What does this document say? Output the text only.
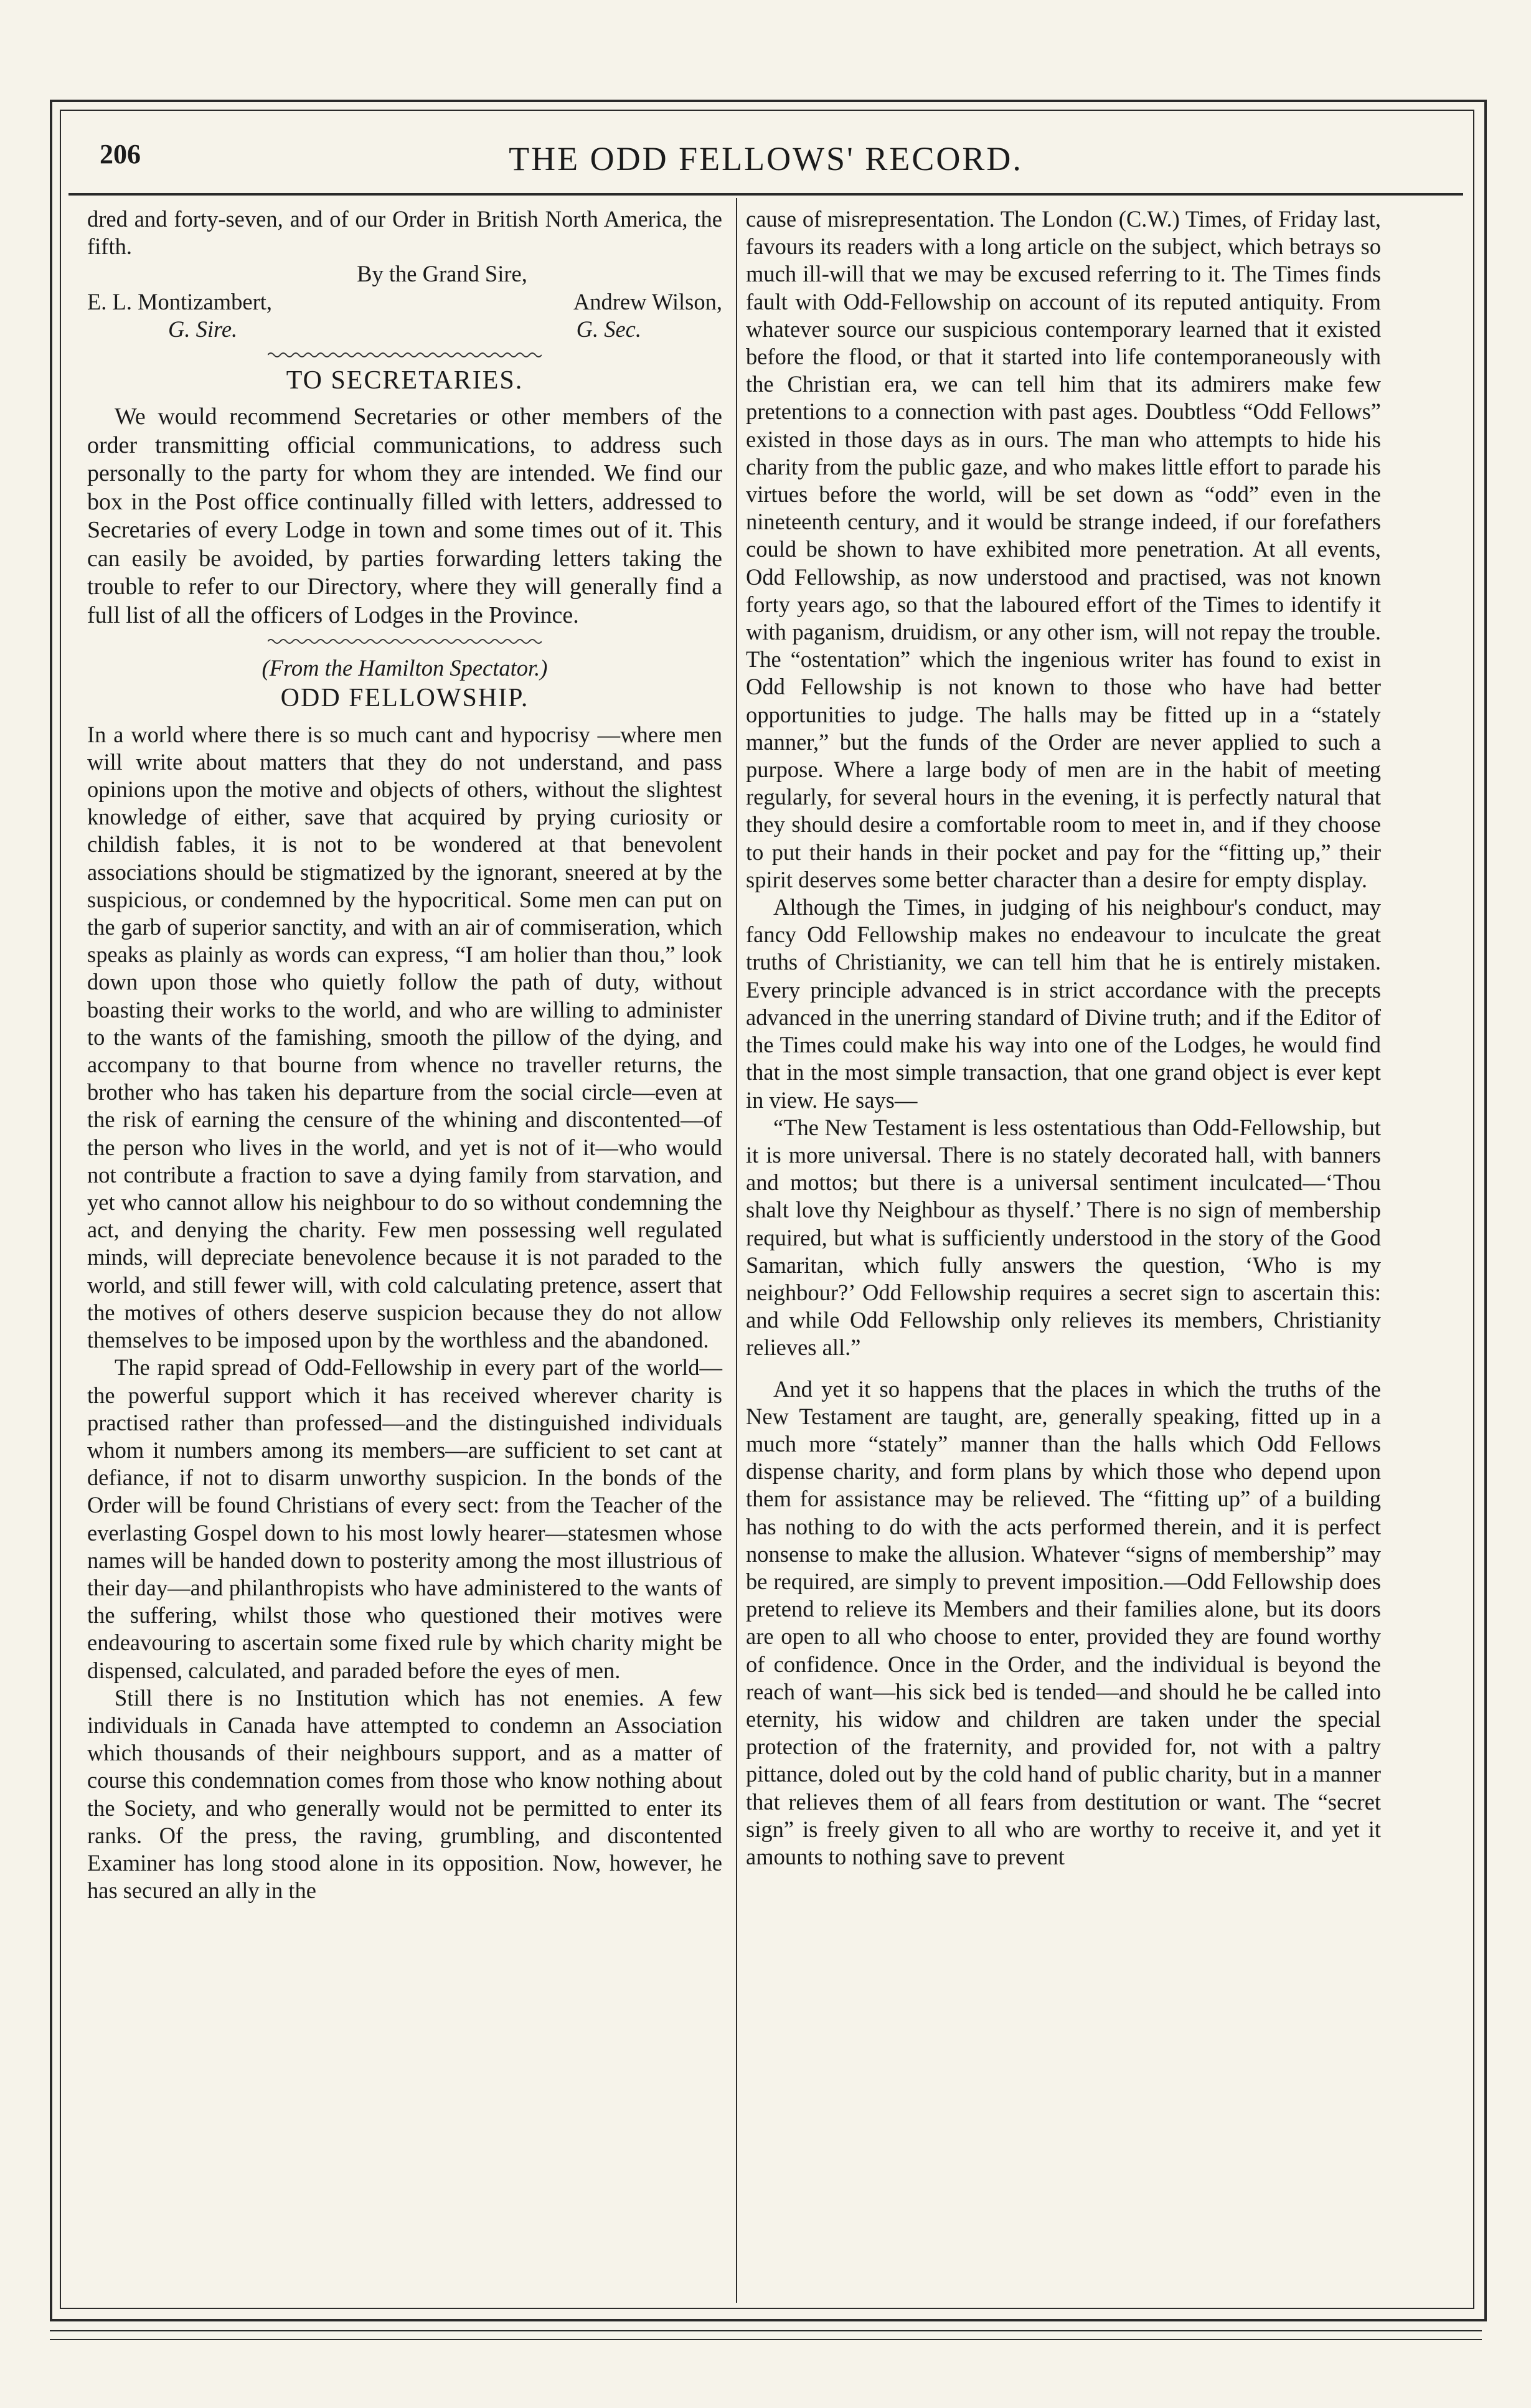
206	THE ODD FELLOWS' RECORD.

dred and forty-seven, and of our Order in British North America, the fifth.

By the Grand Sire,

E. L. Montizambert,	Andrew Wilson,
G. Sire.	G. Sec.
TO SECRETARIES.

We would recommend Secretaries or other members of the order transmitting official communications, to address such personally to the party for whom they are intended. We find our box in the Post office continually filled with letters, addressed to Secretaries of every Lodge in town and some times out of it. This can easily be avoided, by parties forwarding letters taking the trouble to refer to our Directory, where they will generally find a full list of all the officers of Lodges in the Province.

(From the Hamilton Spectator.)

ODD FELLOWSHIP.

In a world where there is so much cant and hypocrisy —where men will write about matters that they do not understand, and pass opinions upon the motive and objects of others, without the slightest knowledge of either, save that acquired by prying curiosity or childish fables, it is not to be wondered at that benevolent associations should be stigmatized by the ignorant, sneered at by the suspicious, or condemned by the hypocritical. Some men can put on the garb of superior sanctity, and with an air of commiseration, which speaks as plainly as words can express, “I am holier than thou,” look down upon those who quietly follow the path of duty, without boasting their works to the world, and who are willing to administer to the wants of the famishing, smooth the pillow of the dying, and accompany to that bourne from whence no traveller returns, the brother who has taken his departure from the social circle—even at the risk of earning the censure of the whining and discontented—of the person who lives in the world, and yet is not of it—who would not contribute a fraction to save a dying family from starvation, and yet who cannot allow his neighbour to do so without condemning the act, and denying the charity. Few men possessing well regulated minds, will depreciate benevolence because it is not paraded to the world, and still fewer will, with cold calculating pretence, assert that the motives of others deserve suspicion because they do not allow themselves to be imposed upon by the worthless and the abandoned.

The rapid spread of Odd-Fellowship in every part of the world—the powerful support which it has received wherever charity is practised rather than professed—and the distinguished individuals whom it numbers among its members—are sufficient to set cant at defiance, if not to disarm unworthy suspicion. In the bonds of the Order will be found Christians of every sect: from the Teacher of the everlasting Gospel down to his most lowly hearer—statesmen whose names will be handed down to posterity among the most illustrious of their day—and philanthropists who have administered to the wants of the suffering, whilst those who questioned their motives were endeavouring to ascertain some fixed rule by which charity might be dispensed, calculated, and paraded before the eyes of men.

Still there is no Institution which has not enemies. A few individuals in Canada have attempted to condemn an Association which thousands of their neighbours support, and as a matter of course this condemnation comes from those who know nothing about the Society, and who generally would not be permitted to enter its ranks. Of the press, the raving, grumbling, and discontented Examiner has long stood alone in its opposition. Now, however, he has secured an ally in the

cause of misrepresentation. The London (C.W.) Times, of Friday last, favours its readers with a long article on the subject, which betrays so much ill-will that we may be excused referring to it. The Times finds fault with Odd-Fellowship on account of its reputed antiquity. From whatever source our suspicious contemporary learned that it existed before the flood, or that it started into life contemporaneously with the Christian era, we can tell him that its admirers make few pretentions to a connection with past ages. Doubtless “Odd Fellows” existed in those days as in ours. The man who attempts to hide his charity from the public gaze, and who makes little effort to parade his virtues before the world, will be set down as “odd” even in the nineteenth century, and it would be strange indeed, if our forefathers could be shown to have exhibited more penetration. At all events, Odd Fellowship, as now understood and practised, was not known forty years ago, so that the laboured effort of the Times to identify it with paganism, druidism, or any other ism, will not repay the trouble. The “ostentation” which the ingenious writer has found to exist in Odd Fellowship is not known to those who have had better opportunities to judge. The halls may be fitted up in a “stately manner,” but the funds of the Order are never applied to such a purpose. Where a large body of men are in the habit of meeting regularly, for several hours in the evening, it is perfectly natural that they should desire a comfortable room to meet in, and if they choose to put their hands in their pocket and pay for the “fitting up,” their spirit deserves some better character than a desire for empty display.

Although the Times, in judging of his neighbour's conduct, may fancy Odd Fellowship makes no endeavour to inculcate the great truths of Christianity, we can tell him that he is entirely mistaken. Every principle advanced is in strict accordance with the precepts advanced in the unerring standard of Divine truth; and if the Editor of the Times could make his way into one of the Lodges, he would find that in the most simple transaction, that one grand object is ever kept in view. He says—

“The New Testament is less ostentatious than Odd-Fellowship, but it is more universal. There is no stately decorated hall, with banners and mottos; but there is a universal sentiment inculcated—‘Thou shalt love thy Neighbour as thyself.’ There is no sign of membership required, but what is sufficiently understood in the story of the Good Samaritan, which fully answers the question, ‘Who is my neighbour?’ Odd Fellowship requires a secret sign to ascertain this: and while Odd Fellowship only relieves its members, Christianity relieves all.”

And yet it so happens that the places in which the truths of the New Testament are taught, are, generally speaking, fitted up in a much more “stately” manner than the halls which Odd Fellows dispense charity, and form plans by which those who depend upon them for assistance may be relieved. The “fitting up” of a building has nothing to do with the acts performed therein, and it is perfect nonsense to make the allusion. Whatever “signs of membership” may be required, are simply to prevent imposition.—Odd Fellowship does pretend to relieve its Members and their families alone, but its doors are open to all who choose to enter, provided they are found worthy of confidence. Once in the Order, and the individual is beyond the reach of want—his sick bed is tended—and should he be called into eternity, his widow and children are taken under the special protection of the fraternity, and provided for, not with a paltry pittance, doled out by the cold hand of public charity, but in a manner that relieves them of all fears from destitution or want. The “secret sign” is freely given to all who are worthy to receive it, and yet it amounts to nothing save to prevent
